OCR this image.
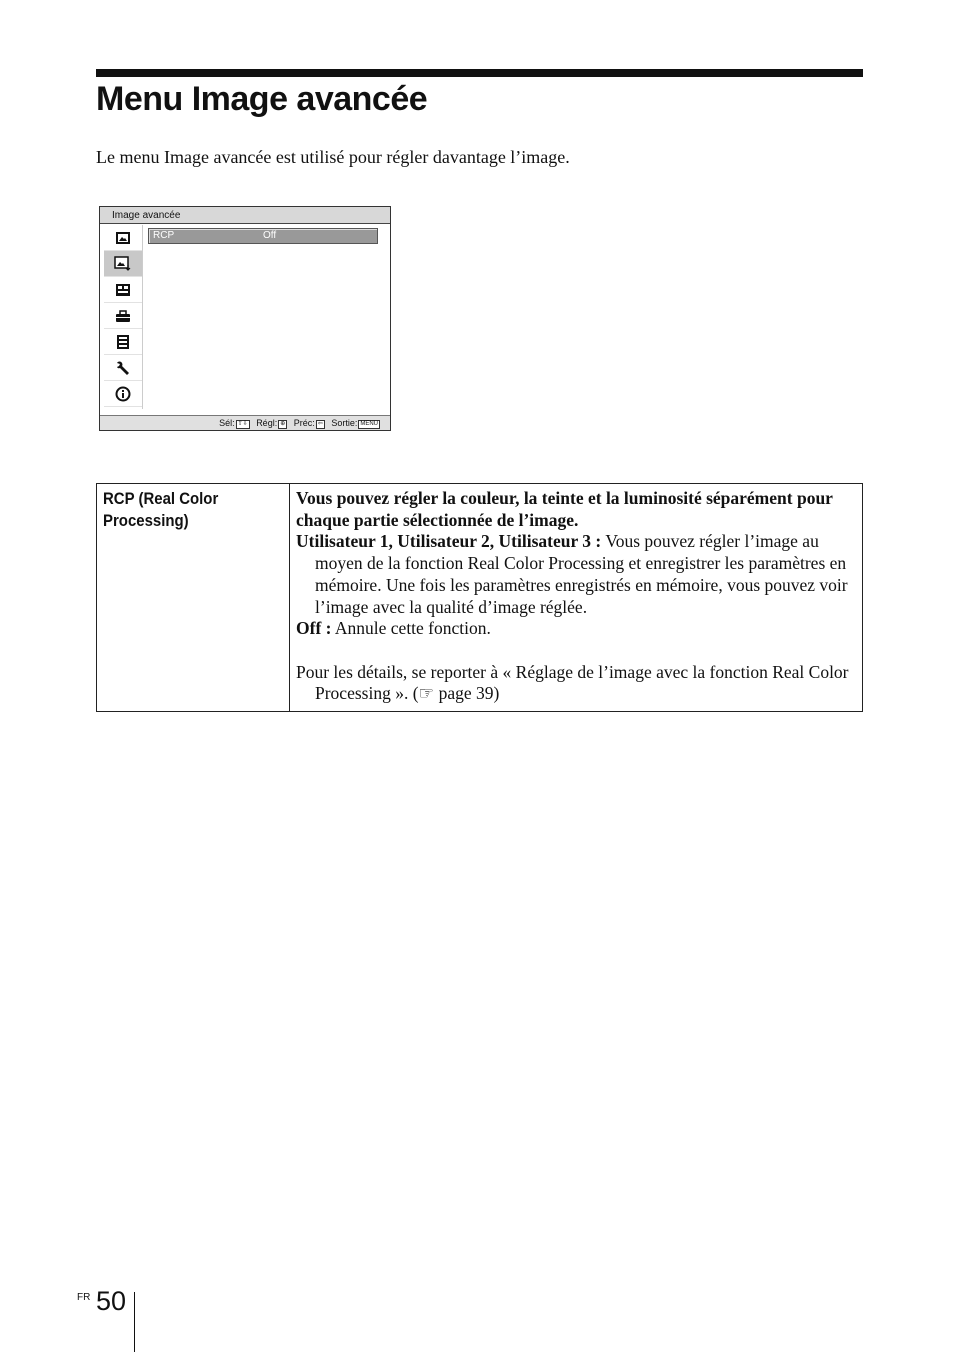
Menu Image avancée
Le menu Image avancée est utilisé pour régler davantage l’image.
Image avancée
RCP	Off
Sél: ⇧⇩ Régl: ⊕ Préc: ⇦ Sortie: MENU
RCP (Real Color Processing)

Vous pouvez régler la couleur, la teinte et la luminosité séparément pour chaque partie sélectionnée de l’image.

Utilisateur 1, Utilisateur 2, Utilisateur 3 : Vous pouvez régler l’image au moyen de la fonction Real Color Processing et enregistrer les paramètres en mémoire. Une fois les paramètres enregistrés en mémoire, vous pouvez voir l’image avec la qualité d’image réglée.

Off : Annule cette fonction.

Pour les détails, se reporter à « Réglage de l’image avec la fonction Real Color Processing ». (☞ page 39)

FR 50
